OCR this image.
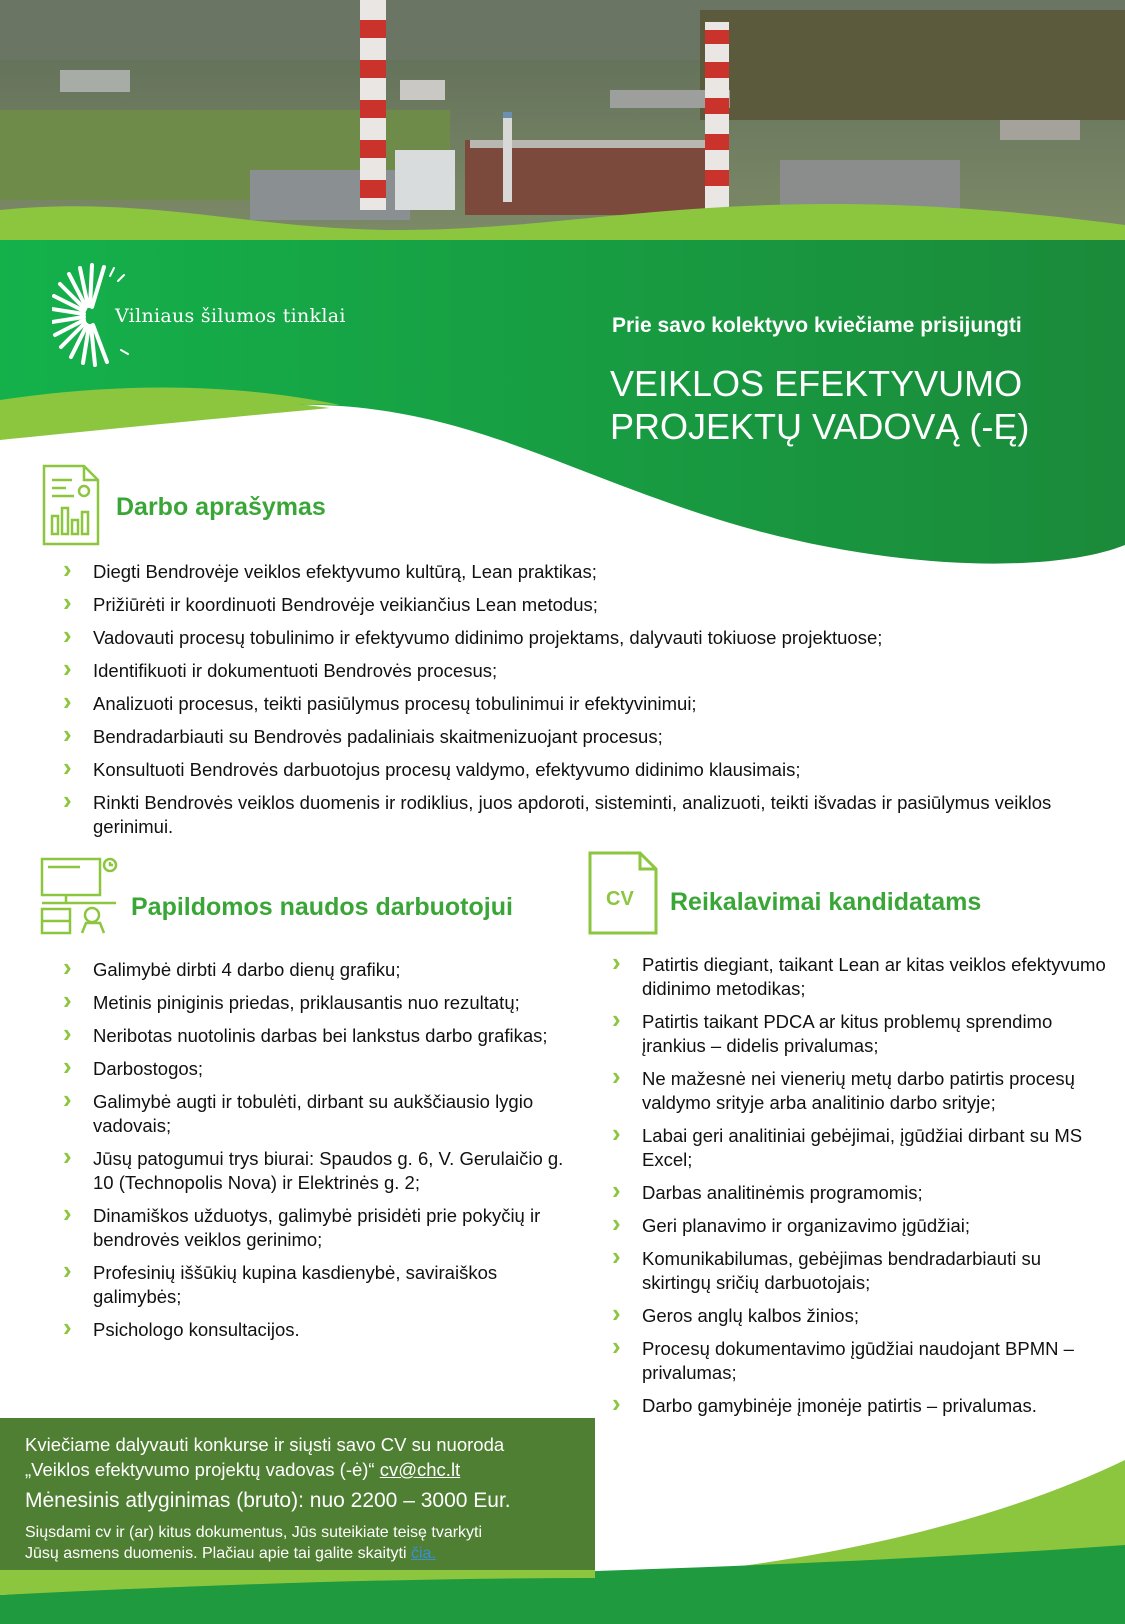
Vilniaus šilumos tinklai	Prie savo kolektyvo kviečiame prisijungti
VEIKLOS EFEKTYVUMO
PROJEKTŲ VADOVĄ (-Ę)
Darbo aprašymas
› Diegti Bendrovėje veiklos efektyvumo kultūrą, Lean praktikas;
› Prižiūrėti ir koordinuoti Bendrovėje veikiančius Lean metodus;
› Vadovauti procesų tobulinimo ir efektyvumo didinimo projektams, dalyvauti tokiuose projektuose;
› Identifikuoti ir dokumentuoti Bendrovės procesus;
› Analizuoti procesus, teikti pasiūlymus procesų tobulinimui ir efektyvinimui;
› Bendradarbiauti su Bendrovės padaliniais skaitmenizuojant procesus;
› Konsultuoti Bendrovės darbuotojus procesų valdymo, efektyvumo didinimo klausimais;
› Rinkti Bendrovės veiklos duomenis ir rodiklius, juos apdoroti, sisteminti, analizuoti, teikti išvadas ir pasiūlymus veiklos gerinimui.
Papildomos naudos darbuotojui
› Galimybė dirbti 4 darbo dienų grafiku;
› Metinis piniginis priedas, priklausantis nuo rezultatų;
› Neribotas nuotolinis darbas bei lankstus darbo grafikas;
› Darbostogos;
› Galimybė augti ir tobulėti, dirbant su aukščiausio lygio vadovais;
› Jūsų patogumui trys biurai: Spaudos g. 6, V. Gerulaičio g. 10 (Technopolis Nova) ir Elektrinės g. 2;
› Dinamiškos užduotys, galimybė prisidėti prie pokyčių ir bendrovės veiklos gerinimo;
› Profesinių iššūkių kupina kasdienybė, saviraiškos galimybės;
› Psichologo konsultacijos.
CV Reikalavimai kandidatams
› Patirtis diegiant, taikant Lean ar kitas veiklos efektyvumo didinimo metodikas;
› Patirtis taikant PDCA ar kitus problemų sprendimo įrankius – didelis privalumas;
› Ne mažesnė nei vienerių metų darbo patirtis procesų valdymo srityje arba analitinio darbo srityje;
› Labai geri analitiniai gebėjimai, įgūdžiai dirbant su MS Excel;
› Darbas analitinėmis programomis;
› Geri planavimo ir organizavimo įgūdžiai;
› Komunikabilumas, gebėjimas bendradarbiauti su skirtingų sričių darbuotojais;
› Geros anglų kalbos žinios;
› Procesų dokumentavimo įgūdžiai naudojant BPMN – privalumas;
› Darbo gamybinėje įmonėje patirtis – privalumas.

Kviečiame dalyvauti konkurse ir siųsti savo CV su nuoroda
„Veiklos efektyvumo projektų vadovas (-ė)“ cv@chc.lt

Mėnesinis atlyginimas (bruto): nuo 2200 – 3000 Eur.

Siųsdami cv ir (ar) kitus dokumentus, Jūs suteikiate teisę tvarkyti
Jūsų asmens duomenis. Plačiau apie tai galite skaityti čia.
